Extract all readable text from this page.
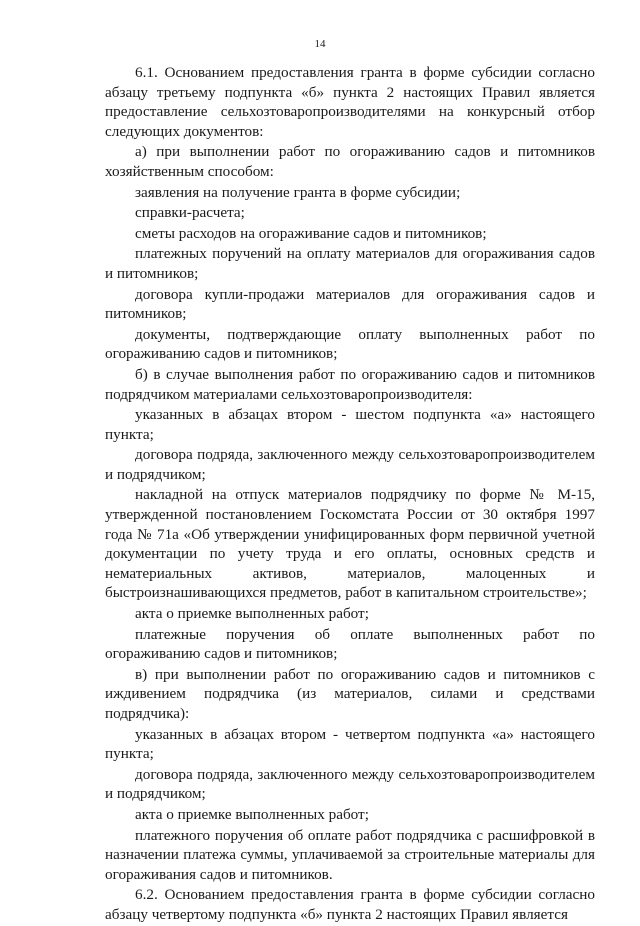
14

6.1. Основанием предоставления гранта в форме субсидии согласно абзацу третьему подпункта «б» пункта 2 настоящих Правил является предоставление сельхозтоваропроизводителями на конкурсный отбор следующих документов:

а) при выполнении работ по огораживанию садов и питомников хозяйственным способом:

заявления на получение гранта в форме субсидии;

справки-расчета;

сметы расходов на огораживание садов и питомников;

платежных поручений на оплату материалов для огораживания садов и питомников;

договора купли-продажи материалов для огораживания садов и питомников;

документы, подтверждающие оплату выполненных работ по огораживанию садов и питомников;

б) в случае выполнения работ по огораживанию садов и питомников подрядчиком материалами сельхозтоваропроизводителя:

указанных в абзацах втором - шестом подпункта «а» настоящего пункта;

договора подряда, заключенного между сельхозтоваропроизводителем и подрядчиком;

накладной на отпуск материалов подрядчику по форме № М-15, утвержденной постановлением Госкомстата России от 30 октября 1997 года № 71а «Об утверждении унифицированных форм первичной учетной документации по учету труда и его оплаты, основных средств и нематериальных активов, материалов, малоценных и быстроизнашивающихся предметов, работ в капитальном строительстве»;

акта о приемке выполненных работ;

платежные поручения об оплате выполненных работ по огораживанию садов и питомников;

в) при выполнении работ по огораживанию садов и питомников с иждивением подрядчика (из материалов, силами и средствами подрядчика):

указанных в абзацах втором - четвертом подпункта «а» настоящего пункта;

договора подряда, заключенного между сельхозтоваропроизводителем и подрядчиком;

акта о приемке выполненных работ;

платежного поручения об оплате работ подрядчика с расшифровкой в назначении платежа суммы, уплачиваемой за строительные материалы для огораживания садов и питомников.

6.2. Основанием предоставления гранта в форме субсидии согласно абзацу четвертому подпункта «б» пункта 2 настоящих Правил является
